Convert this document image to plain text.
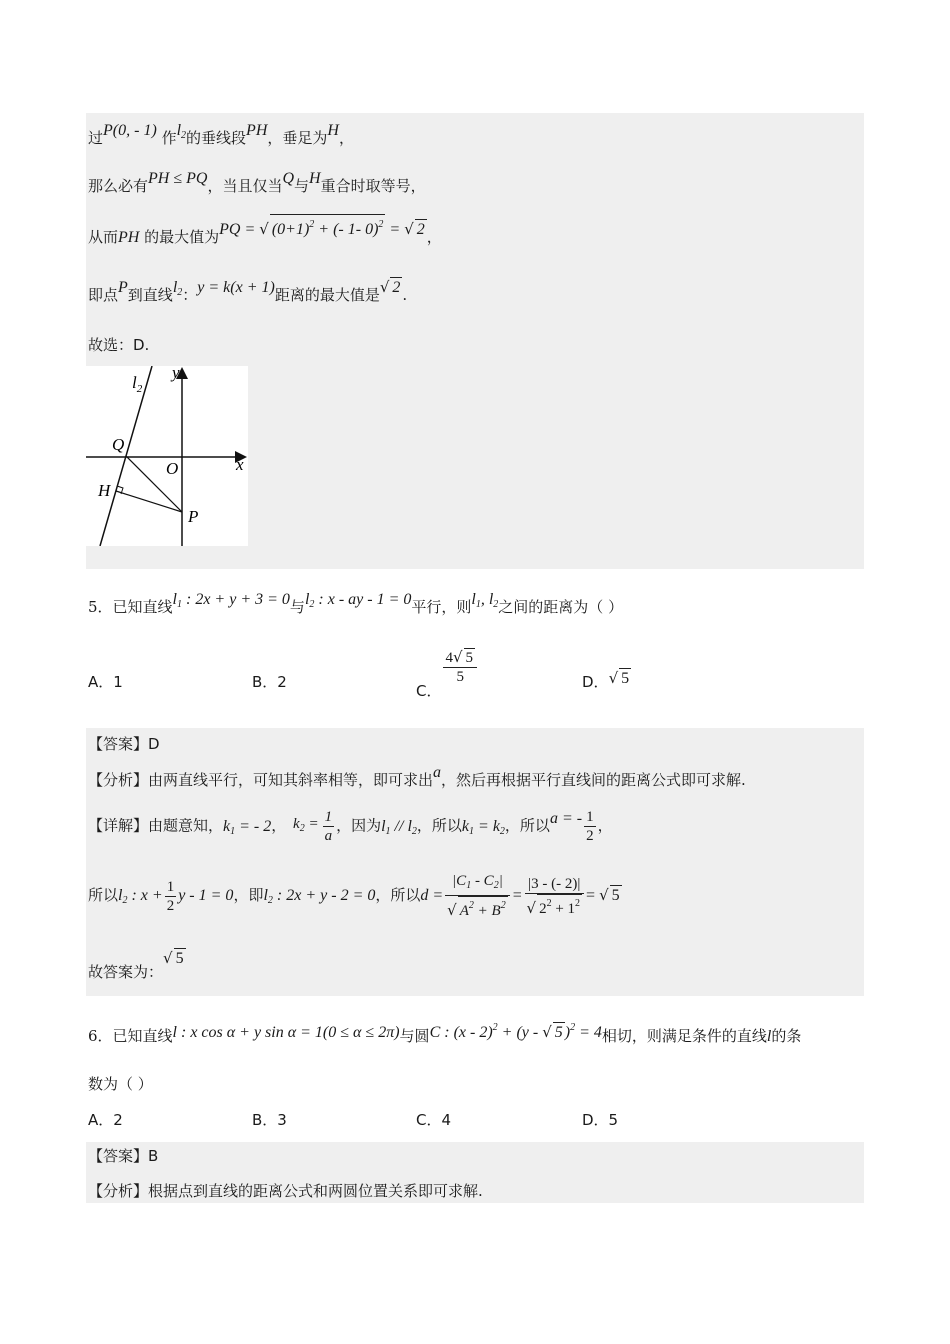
过P(0, - 1) 作$l_2$的垂线段PH，垂足为H，
那么必有PH ≤ PQ，当且仅当Q与H重合时取等号，
从而PH 的最大值为PQ = √ $(0+1)^2$ + (- 1- 0)$^2$ = √ 2 ，
即点P到直线$l_2$：y = k(x + 1)距离的最大值是√ 2 .
故选：D.
$l_2$
y
x
Q
O
H
P
5．已知直线$l_1$ : 2x + y + 3 = 0与$l_2$ : x - ay - 1 = 0平行，则$l_1$, $l_2$之间的距离为（ ）
A．1	B．2	C．
$\frac{4√ 5}{5}$	D．√ 5
【答案】D
【分析】由两直线平行，可知其斜率相等，即可求出a，然后再根据平行直线间的距离公式即可求解.
【详解】由题意知，$k_1$ = - 2， $k_2 = \frac{1}{a}$ ，因为$l_1 // l_2$，所以$k_1 = k_2$，所以a = - $\frac{1}{2}$ ，
所以$l_2$ : $x + \frac{1}{2}$ y - 1 = 0，即$l_2$ : 2x + y - 2 = 0，所以$d = \frac{|C_1 - C_2|}{√ A^2 + B^2} = \frac{|3 - (- 2)|}{√ 2^2 + 1^2}$ = √ 5
故答案为：√ 5
6．已知直线l : x cos α + y sin α = 1(0 ≤ α ≤ 2π)与圆C : (x - 2)$^2$ + (y - √ 5 )$^2$ = 4相切，则满足条件的直线l的条
数为（ ）
A．2	B．3	C．4	D．5
【答案】B
【分析】根据点到直线的距离公式和两圆位置关系即可求解.
